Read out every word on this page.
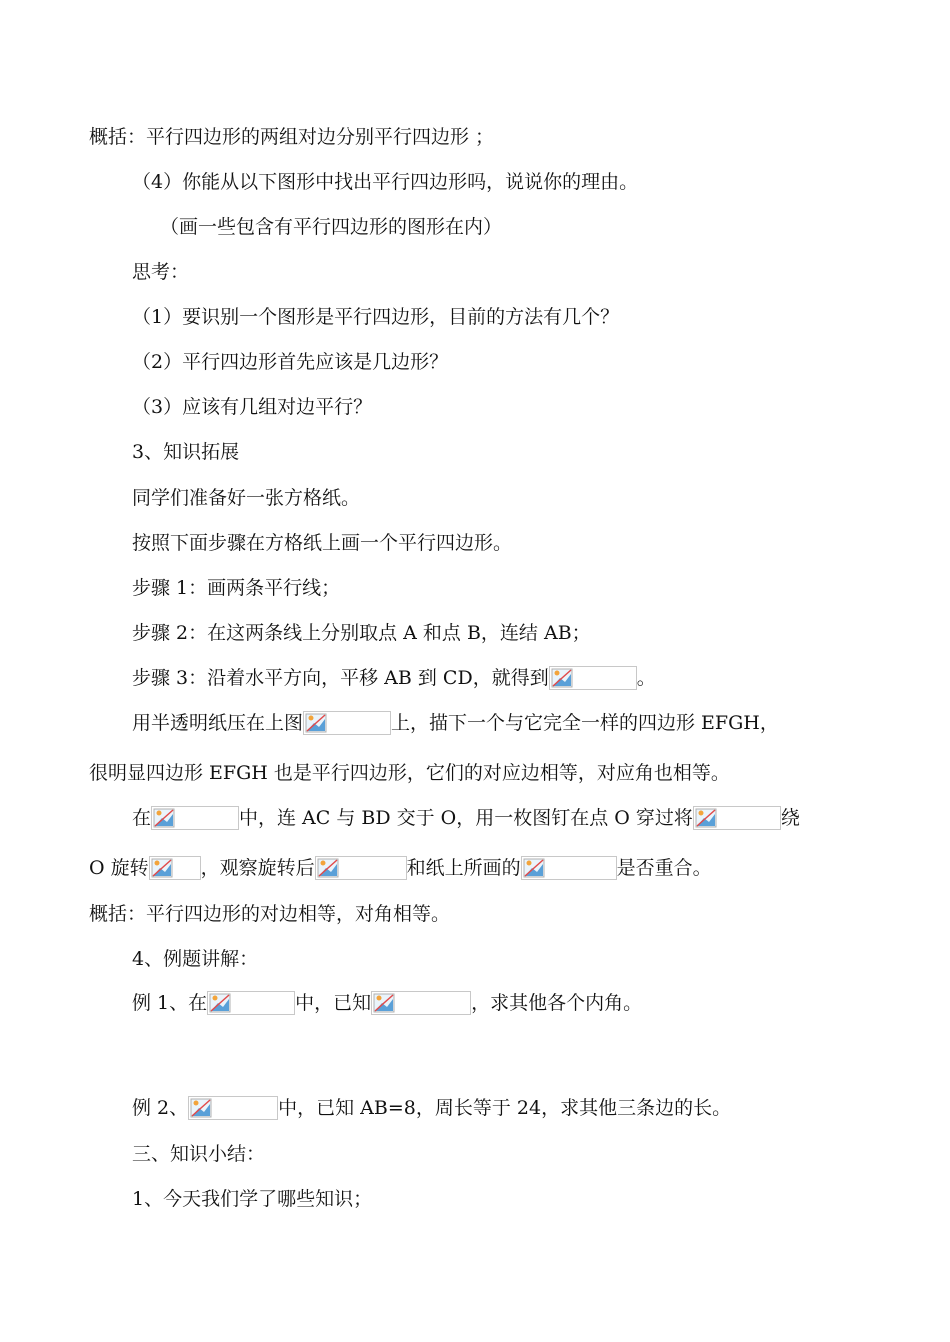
概括：平行四边形的两组对边分别平行四边形 ；
（4）你能从以下图形中找出平行四边形吗，说说你的理由。
（画一些包含有平行四边形的图形在内）
思考：
（1）要识别一个图形是平行四边形，目前的方法有几个？
（2）平行四边形首先应该是几边形？
（3）应该有几组对边平行？
3、知识拓展
同学们准备好一张方格纸。
按照下面步骤在方格纸上画一个平行四边形。
步骤 1：画两条平行线；
步骤 2：在这两条线上分别取点 A 和点 B，连结 AB；
步骤 3：沿着水平方向，平移 AB 到 CD，就得到	。
用半透明纸压在上图	上，描下一个与它完全一样的四边形 EFGH，
很明显四边形 EFGH 也是平行四边形，它们的对应边相等，对应角也相等。
在	中，连 AC 与 BD 交于 O，用一枚图钉在点 O 穿过将	绕
O 旋转	，观察旋转后	和纸上所画的	是否重合。
概括：平行四边形的对边相等，对角相等。
4、例题讲解：
例 1、在	中，已知	，求其他各个内角。
例 2、	中，已知 AB=8，周长等于 24，求其他三条边的长。
三、知识小结：
1、今天我们学了哪些知识；
